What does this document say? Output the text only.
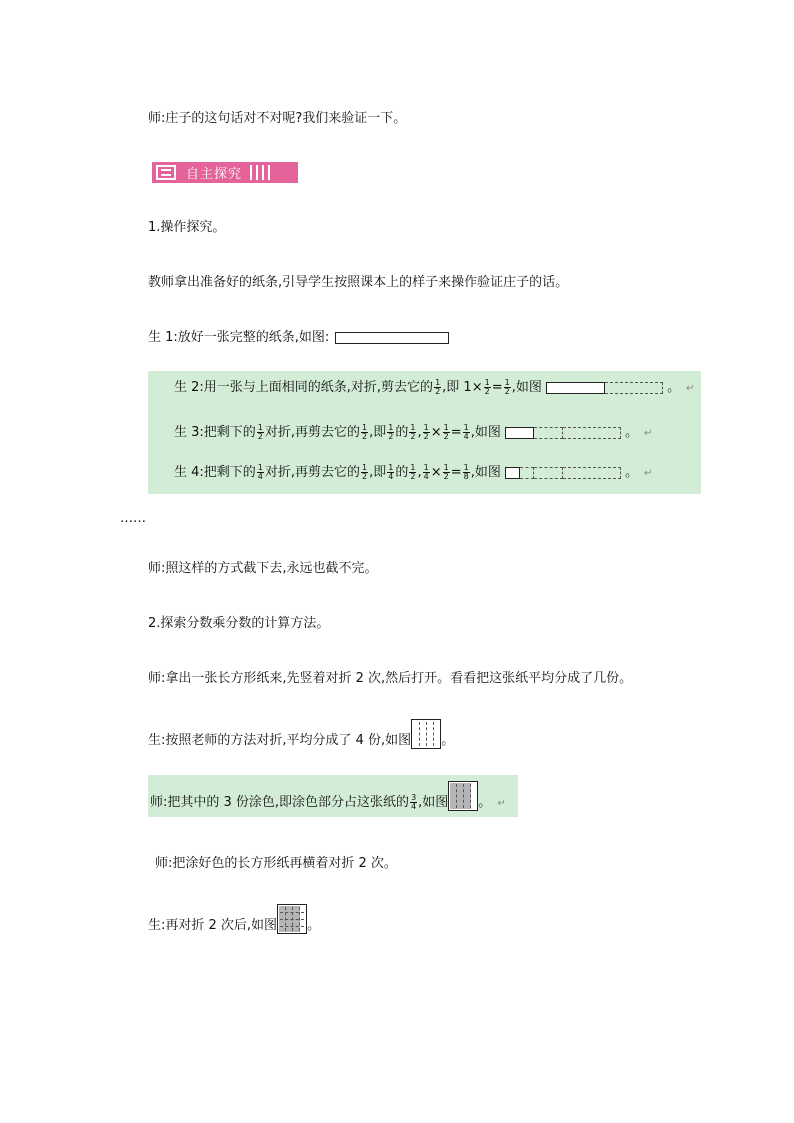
师:庄子的这句话对不对呢?我们来验证一下。
自主探究
1.操作探究。
教师拿出准备好的纸条,引导学生按照课本上的样子来操作验证庄子的话。
生 1:放好一张完整的纸条,如图:
生 2:用一张与上面相同的纸条,对折,剪去它的 $\frac{1}{2}$ ,即 $1\times \frac{1}{2} = \frac{1}{2}$ ,如图	。 ↵
生 3:把剩下的 $\frac{1}{2}$ 对折,再剪去它的 $\frac{1}{2}$ ,即 $\frac{1}{2}$ 的 $\frac{1}{2}$ , $\frac{1}{2} \times \frac{1}{2} = \frac{1}{4}$ ,如图	。 ↵
生 4:把剩下的 $\frac{1}{4}$ 对折,再剪去它的 $\frac{1}{2}$ ,即 $\frac{1}{4}$ 的 $\frac{1}{2}$ , $\frac{1}{4} \times \frac{1}{2} = \frac{1}{8}$ ,如图	。 ↵
……
师:照这样的方式截下去,永远也截不完。
2.探索分数乘分数的计算方法。
师:拿出一张长方形纸来,先竖着对折 2 次,然后打开。看看把这张纸平均分成了几份。
生:按照老师的方法对折,平均分成了 4 份,如图 。
师:把其中的 3 份涂色,即涂色部分占这张纸的 $\frac{3}{4}$ ,如图 。 ↵
师:把涂好色的长方形纸再横着对折 2 次。
生:再对折 2 次后,如图 。
